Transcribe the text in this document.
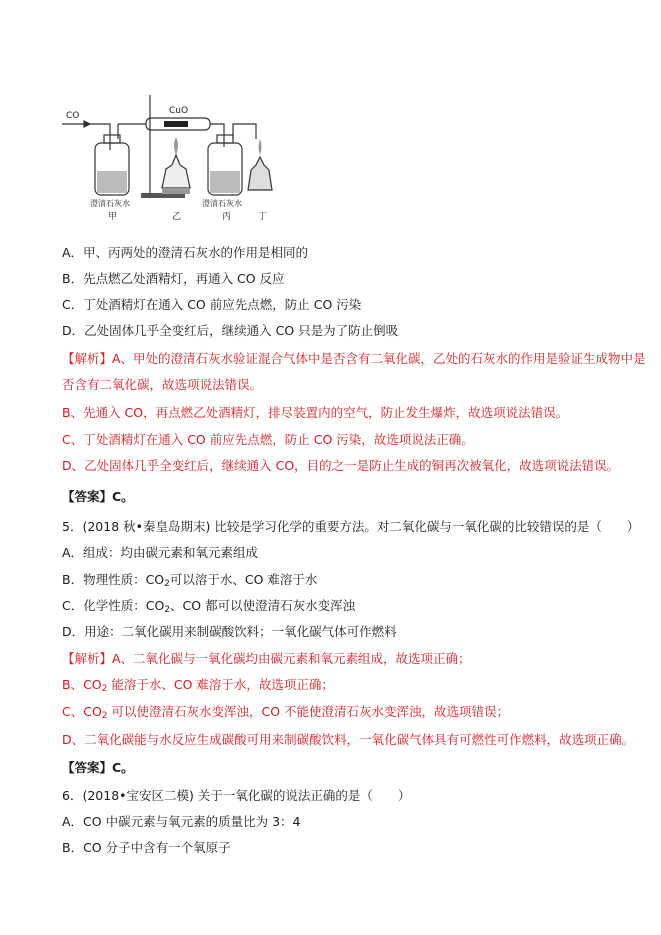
CO	CuO
澄清石灰水	澄清石灰水
甲	乙	丙	丁
A．甲、丙两处的澄清石灰水的作用是相同的
B．先点燃乙处酒精灯，再通入 CO 反应
C．丁处酒精灯在通入 CO 前应先点燃，防止 CO 污染
D．乙处固体几乎全变红后，继续通入 CO 只是为了防止倒吸
【解析】A、甲处的澄清石灰水验证混合气体中是否含有二氧化碳，乙处的石灰水的作用是验证生成物中是
否含有二氧化碳，故选项说法错误。
B、先通入 CO，再点燃乙处酒精灯，排尽装置内的空气，防止发生爆炸，故选项说法错误。
C、丁处酒精灯在通入 CO 前应先点燃，防止 CO 污染，故选项说法正确。
D、乙处固体几乎全变红后，继续通入 CO，目的之一是防止生成的铜再次被氧化，故选项说法错误。
【答案】C。
5．(2018 秋•秦皇岛期末) 比较是学习化学的重要方法。对二氧化碳与一氧化碳的比较错误的是（　　）
A．组成：均由碳元素和氧元素组成
B．物理性质：$CO_2$可以溶于水、CO 难溶于水
C．化学性质：$CO_2$、CO 都可以使澄清石灰水变浑浊
D．用途：二氧化碳用来制碳酸饮料；一氧化碳气体可作燃料
【解析】A、二氧化碳与一氧化碳均由碳元素和氧元素组成，故选项正确；
B、$CO_2$ 能溶于水、CO 难溶于水，故选项正确；
C、$CO_2$ 可以使澄清石灰水变浑浊，CO 不能使澄清石灰水变浑浊，故选项错误；
D、二氧化碳能与水反应生成碳酸可用来制碳酸饮料，一氧化碳气体具有可燃性可作燃料，故选项正确。
【答案】C。
6．(2018•宝安区二模) 关于一氧化碳的说法正确的是（　　）
A．CO 中碳元素与氧元素的质量比为 3：4
B．CO 分子中含有一个氧原子
